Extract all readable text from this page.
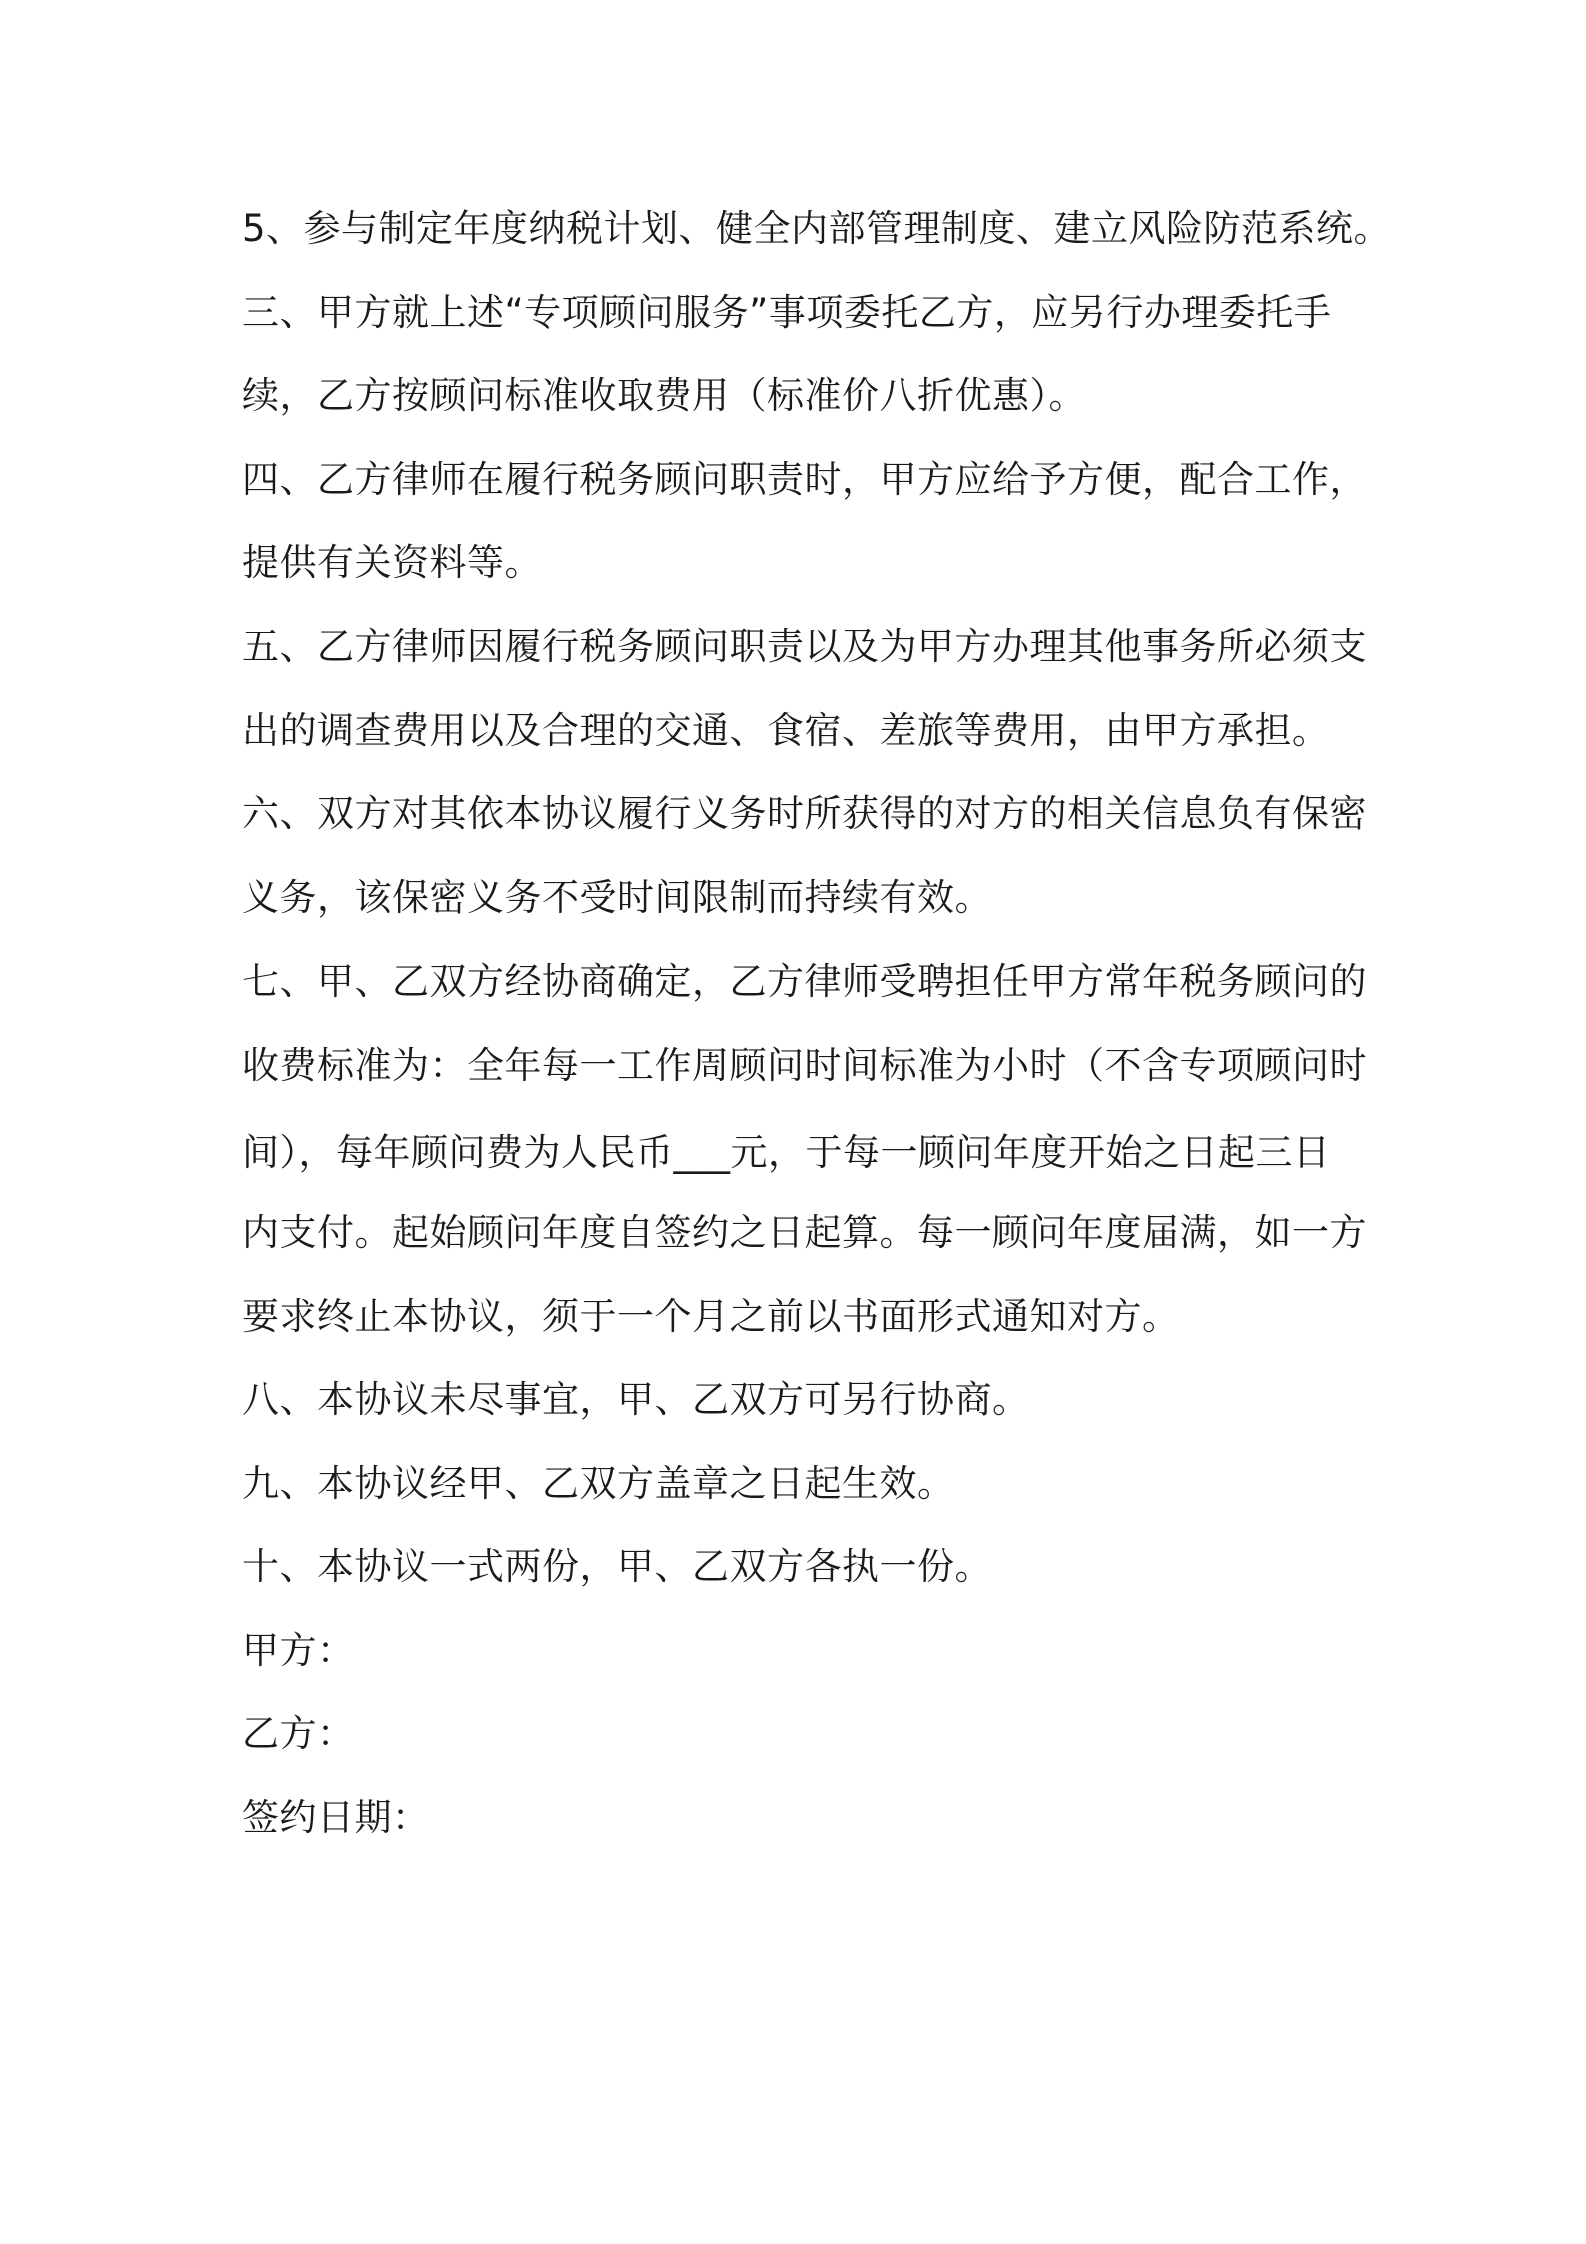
5、参与制定年度纳税计划、健全内部管理制度、建立风险防范系统。
三、甲方就上述“专项顾问服务”事项委托乙方，应另行办理委托手
续，乙方按顾问标准收取费用（标准价八折优惠）。
四、乙方律师在履行税务顾问职责时，甲方应给予方便，配合工作，
提供有关资料等。
五、乙方律师因履行税务顾问职责以及为甲方办理其他事务所必须支
出的调查费用以及合理的交通、食宿、差旅等费用，由甲方承担。
六、双方对其依本协议履行义务时所获得的对方的相关信息负有保密
义务，该保密义务不受时间限制而持续有效。
七、甲、乙双方经协商确定，乙方律师受聘担任甲方常年税务顾问的
收费标准为：全年每一工作周顾问时间标准为小时（不含专项顾问时
间），每年顾问费为人民币___元，于每一顾问年度开始之日起三日
内支付。起始顾问年度自签约之日起算。每一顾问年度届满，如一方
要求终止本协议，须于一个月之前以书面形式通知对方。
八、本协议未尽事宜，甲、乙双方可另行协商。
九、本协议经甲、乙双方盖章之日起生效。
十、本协议一式两份，甲、乙双方各执一份。
甲方：
乙方：
签约日期：
